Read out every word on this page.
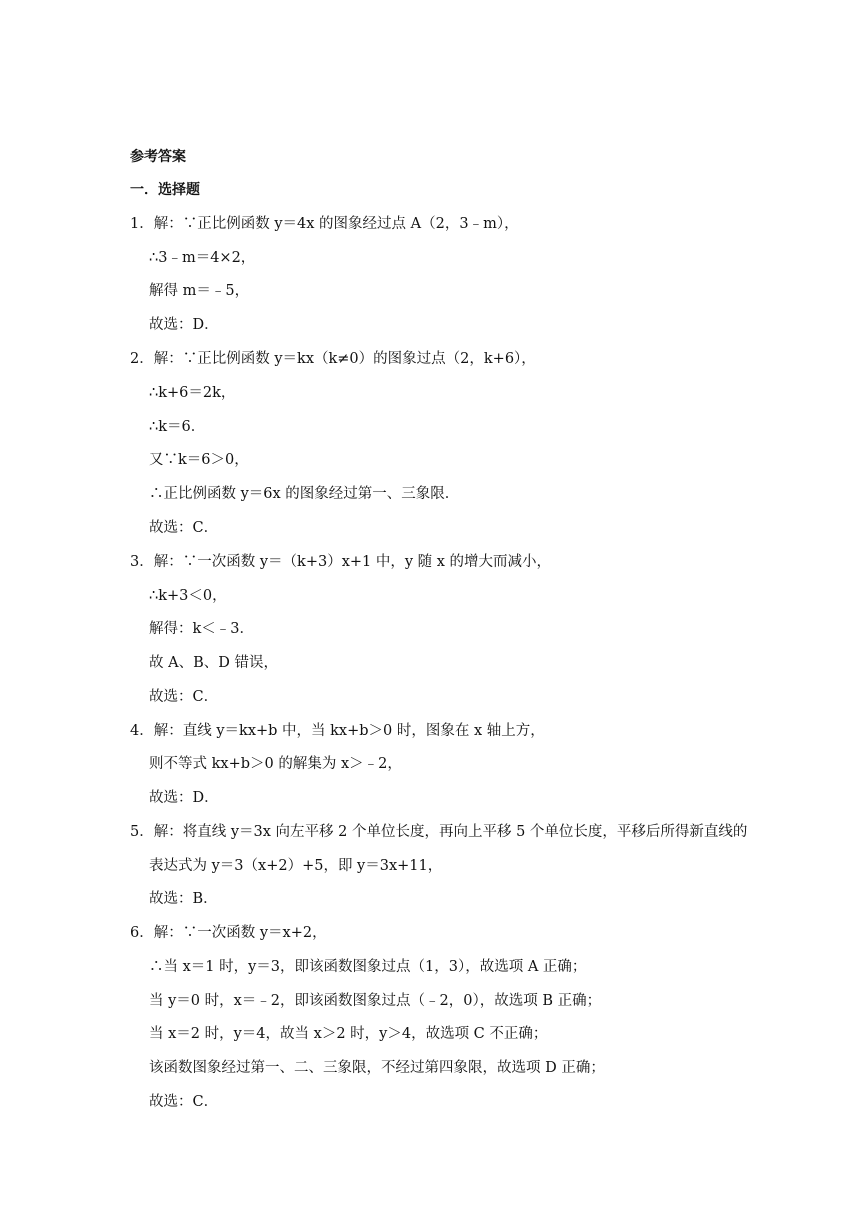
参考答案
一．选择题
1．解：∵正比例函数 y＝4x 的图象经过点 A（2，3﹣m），
∴3﹣m＝4×2，
解得 m＝﹣5，
故选：D．
2．解：∵正比例函数 y＝kx（k≠0）的图象过点（2，k+6），
∴k+6＝2k，
∴k＝6．
又∵k＝6＞0，
∴正比例函数 y＝6x 的图象经过第一、三象限．
故选：C．
3．解：∵一次函数 y＝（k+3）x+1 中，y 随 x 的增大而减小，
∴k+3＜0，
解得：k＜﹣3．
故 A、B、D 错误，
故选：C．
4．解：直线 y＝kx+b 中，当 kx+b＞0 时，图象在 x 轴上方，
则不等式 kx+b＞0 的解集为 x＞﹣2，
故选：D．
5．解：将直线 y＝3x 向左平移 2 个单位长度，再向上平移 5 个单位长度，平移后所得新直线的
表达式为 y＝3（x+2）+5，即 y＝3x+11，
故选：B．
6．解：∵一次函数 y＝x+2，
∴当 x＝1 时，y＝3，即该函数图象过点（1，3），故选项 A 正确；
当 y＝0 时，x＝﹣2，即该函数图象过点（﹣2，0），故选项 B 正确；
当 x＝2 时，y＝4，故当 x＞2 时，y＞4，故选项 C 不正确；
该函数图象经过第一、二、三象限，不经过第四象限，故选项 D 正确；
故选：C．
